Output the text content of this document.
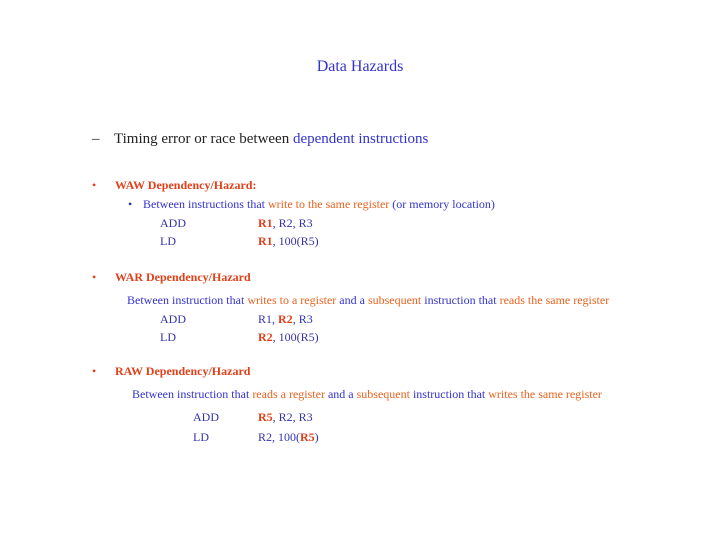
Data Hazards
– Timing error or race between dependent instructions
• WAW Dependency/Hazard:
• Between instructions that write to the same register (or memory location)
ADD	R1, R2, R3
LD	R1, 100(R5)
• WAR Dependency/Hazard
Between instruction that writes to a register and a subsequent instruction that reads the same register
ADD	R1, R2, R3
LD	R2, 100(R5)
• RAW Dependency/Hazard
Between instruction that reads a register and a subsequent instruction that writes the same register
ADD	R5, R2, R3
LD	R2, 100(R5)
